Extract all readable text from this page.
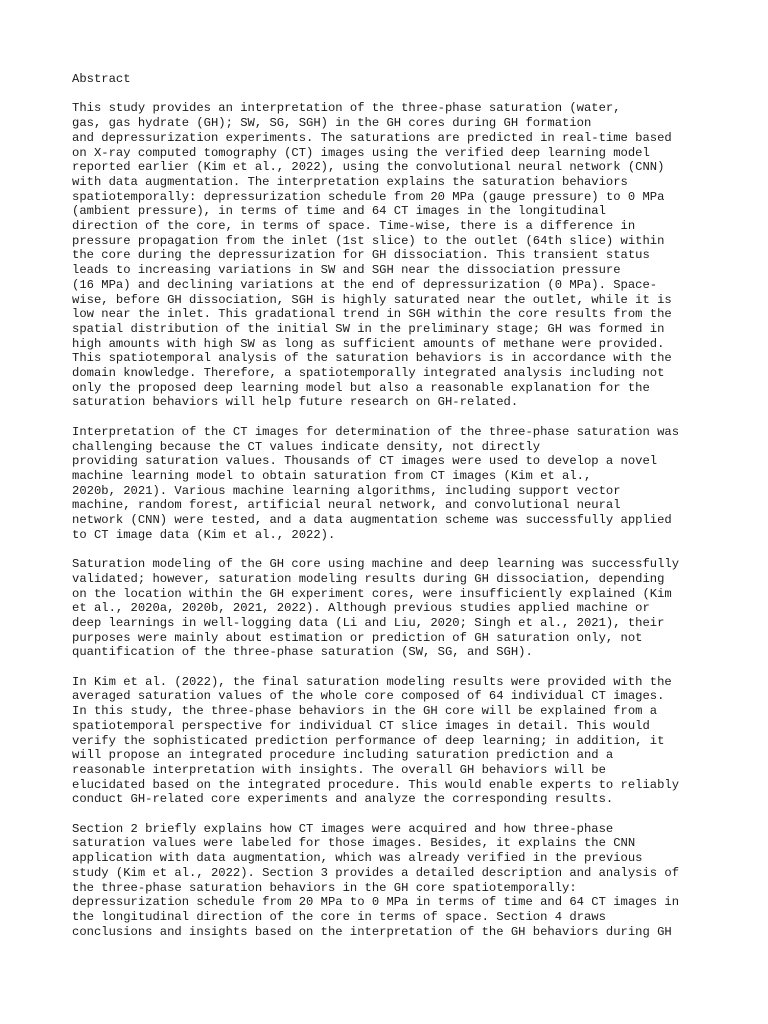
Abstract

This study provides an interpretation of the three-phase saturation (water,
gas, gas hydrate (GH); SW, SG, SGH) in the GH cores during GH formation
and depressurization experiments. The saturations are predicted in real-time based
on X-ray computed tomography (CT) images using the verified deep learning model
reported earlier (Kim et al., 2022), using the convolutional neural network (CNN)
with data augmentation. The interpretation explains the saturation behaviors
spatiotemporally: depressurization schedule from 20 MPa (gauge pressure) to 0 MPa
(ambient pressure), in terms of time and 64 CT images in the longitudinal
direction of the core, in terms of space. Time-wise, there is a difference in
pressure propagation from the inlet (1st slice) to the outlet (64th slice) within
the core during the depressurization for GH dissociation. This transient status
leads to increasing variations in SW and SGH near the dissociation pressure
(16 MPa) and declining variations at the end of depressurization (0 MPa). Space-
wise, before GH dissociation, SGH is highly saturated near the outlet, while it is
low near the inlet. This gradational trend in SGH within the core results from the
spatial distribution of the initial SW in the preliminary stage; GH was formed in
high amounts with high SW as long as sufficient amounts of methane were provided.
This spatiotemporal analysis of the saturation behaviors is in accordance with the
domain knowledge. Therefore, a spatiotemporally integrated analysis including not
only the proposed deep learning model but also a reasonable explanation for the
saturation behaviors will help future research on GH-related.

Interpretation of the CT images for determination of the three-phase saturation was
challenging because the CT values indicate density, not directly
providing saturation values. Thousands of CT images were used to develop a novel
machine learning model to obtain saturation from CT images (Kim et al.,
2020b, 2021). Various machine learning algorithms, including support vector
machine, random forest, artificial neural network, and convolutional neural
network (CNN) were tested, and a data augmentation scheme was successfully applied
to CT image data (Kim et al., 2022).

Saturation modeling of the GH core using machine and deep learning was successfully
validated; however, saturation modeling results during GH dissociation, depending
on the location within the GH experiment cores, were insufficiently explained (Kim
et al., 2020a, 2020b, 2021, 2022). Although previous studies applied machine or
deep learnings in well-logging data (Li and Liu, 2020; Singh et al., 2021), their
purposes were mainly about estimation or prediction of GH saturation only, not
quantification of the three-phase saturation (SW, SG, and SGH).

In Kim et al. (2022), the final saturation modeling results were provided with the
averaged saturation values of the whole core composed of 64 individual CT images.
In this study, the three-phase behaviors in the GH core will be explained from a
spatiotemporal perspective for individual CT slice images in detail. This would
verify the sophisticated prediction performance of deep learning; in addition, it
will propose an integrated procedure including saturation prediction and a
reasonable interpretation with insights. The overall GH behaviors will be
elucidated based on the integrated procedure. This would enable experts to reliably
conduct GH-related core experiments and analyze the corresponding results.

Section 2 briefly explains how CT images were acquired and how three-phase
saturation values were labeled for those images. Besides, it explains the CNN
application with data augmentation, which was already verified in the previous
study (Kim et al., 2022). Section 3 provides a detailed description and analysis of
the three-phase saturation behaviors in the GH core spatiotemporally:
depressurization schedule from 20 MPa to 0 MPa in terms of time and 64 CT images in
the longitudinal direction of the core in terms of space. Section 4 draws
conclusions and insights based on the interpretation of the GH behaviors during GH
